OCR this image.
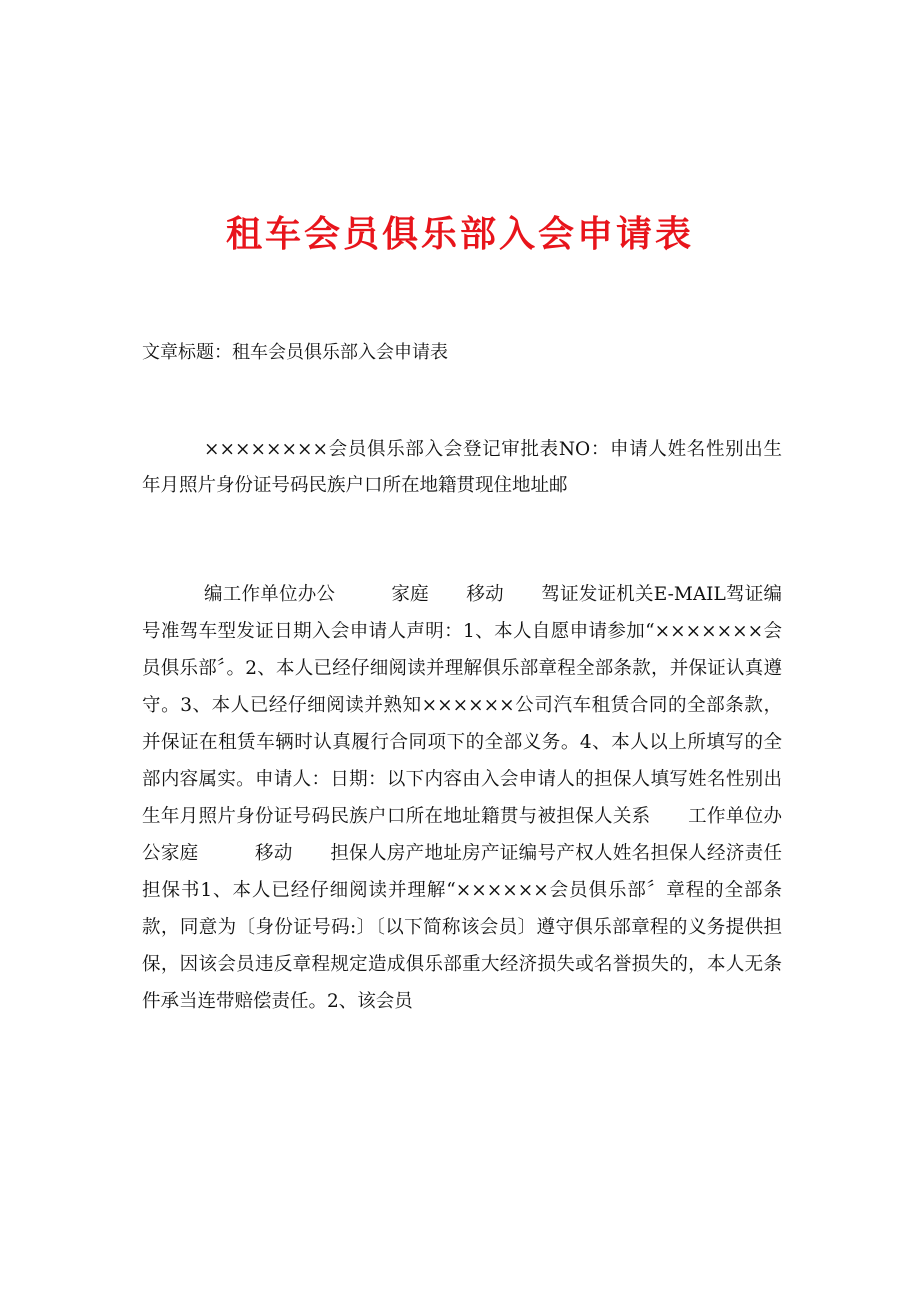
租车会员俱乐部入会申请表
文章标题：租车会员俱乐部入会申请表

××××××××会员俱乐部入会登记审批表NO：申请人姓名性别出生年月照片身份证号码民族户口所在地籍贯现住地址邮

编工作单位办公　　　家庭　　移动　　驾证发证机关E-MAIL驾证编号准驾车型发证日期入会申请人声明：1、本人自愿申请参加“×××××××会员俱乐部〞。2、本人已经仔细阅读并理解俱乐部章程全部条款，并保证认真遵守。3、本人已经仔细阅读并熟知××××××公司汽车租赁合同的全部条款，并保证在租赁车辆时认真履行合同项下的全部义务。4、本人以上所填写的全部内容属实。申请人：日期：以下内容由入会申请人的担保人填写姓名性别出生年月照片身份证号码民族户口所在地址籍贯与被担保人关系　　工作单位办公家庭　　　移动　　担保人房产地址房产证编号产权人姓名担保人经济责任担保书1、本人已经仔细阅读并理解“××××××会员俱乐部〞章程的全部条款，同意为〔身份证号码:〕〔以下简称该会员〕遵守俱乐部章程的义务提供担保，因该会员违反章程规定造成俱乐部重大经济损失或名誉损失的，本人无条件承当连带赔偿责任。2、该会员
